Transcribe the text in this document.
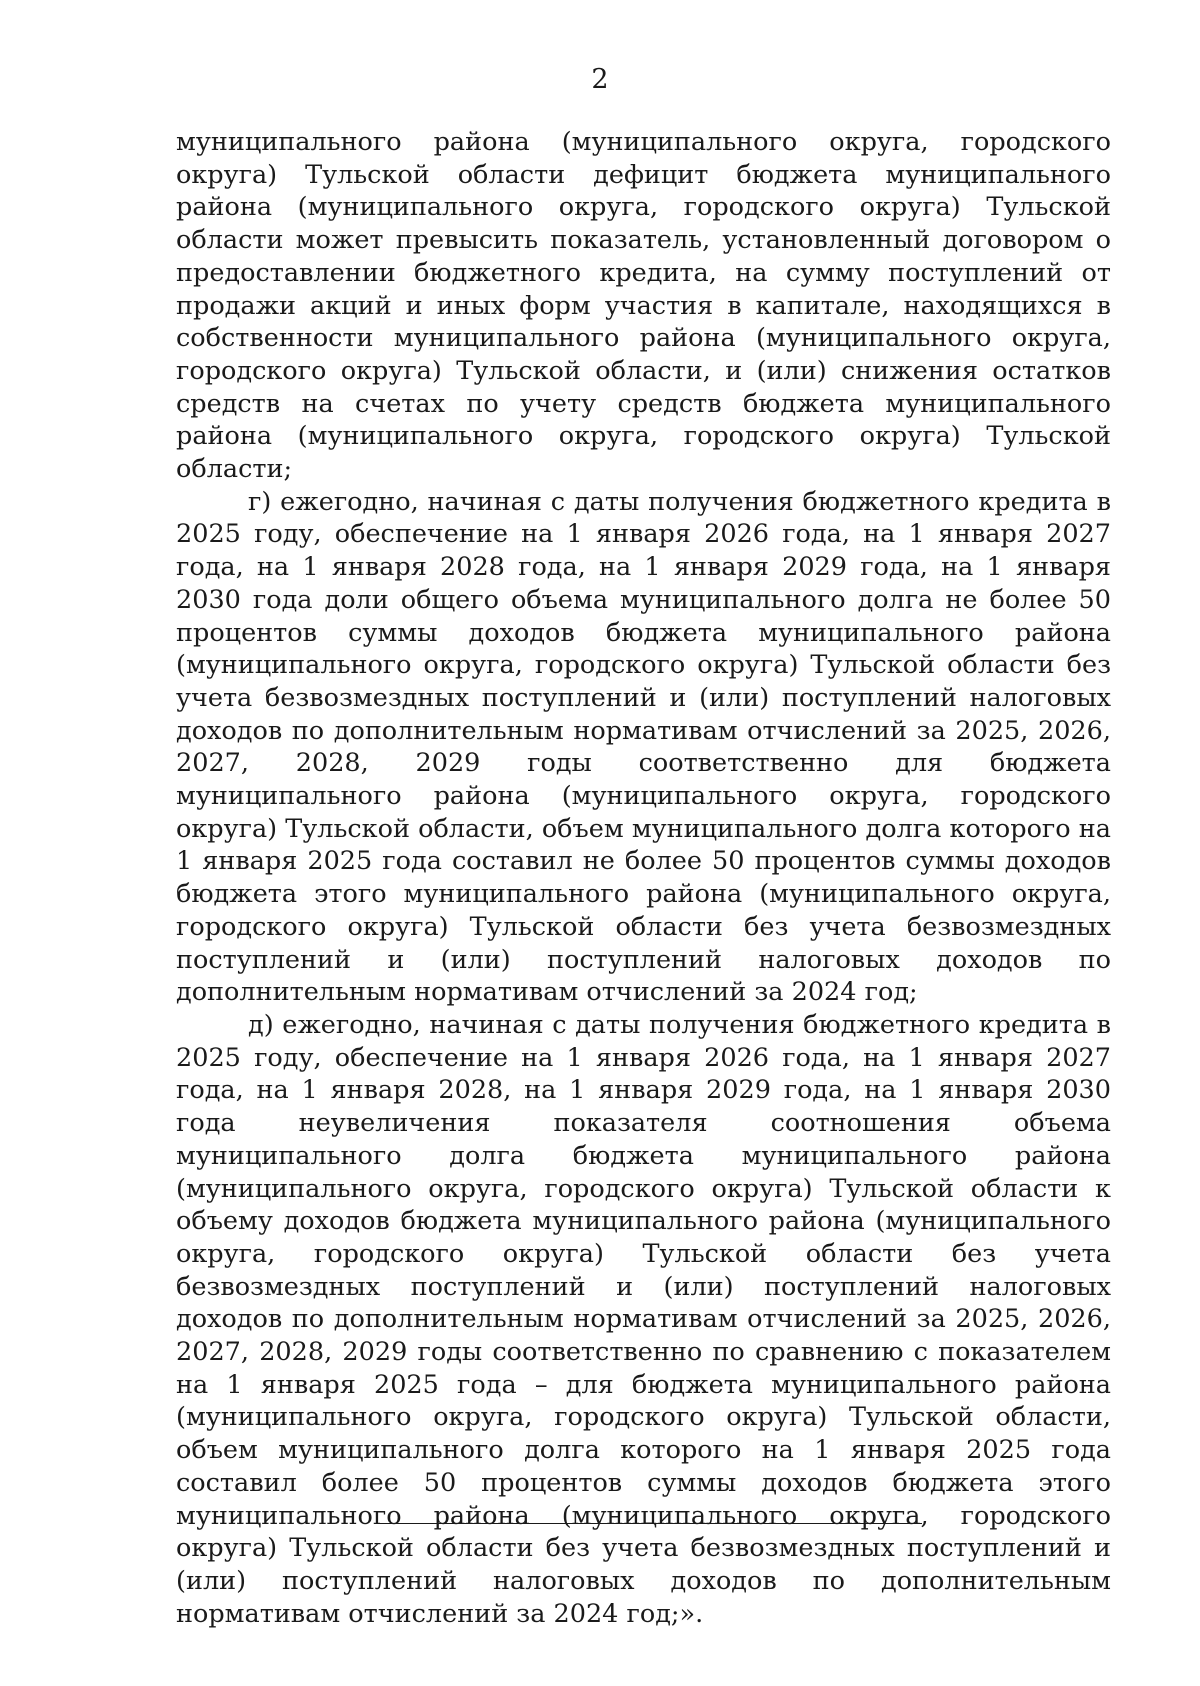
2

муниципального района (муниципального округа, городского округа) Тульской области дефицит бюджета муниципального района (муниципального округа, городского округа) Тульской области может превысить показатель, установленный договором о предоставлении бюджетного кредита, на сумму поступлений от продажи акций и иных форм участия в капитале, находящихся в собственности муниципального района (муниципального округа, городского округа) Тульской области, и (или) снижения остатков средств на счетах по учету средств бюджета муниципального района (муниципального округа, городского округа) Тульской области;

г) ежегодно, начиная с даты получения бюджетного кредита в 2025 году, обеспечение на 1 января 2026 года, на 1 января 2027 года, на 1 января 2028 года, на 1 января 2029 года, на 1 января 2030 года доли общего объема муниципального долга не более 50 процентов суммы доходов бюджета муниципального района (муниципального округа, городского округа) Тульской области без учета безвозмездных поступлений и (или) поступлений налоговых доходов по дополнительным нормативам отчислений за 2025, 2026, 2027, 2028, 2029 годы соответственно для бюджета муниципального района (муниципального округа, городского округа) Тульской области, объем муниципального долга которого на 1 января 2025 года составил не более 50 процентов суммы доходов бюджета этого муниципального района (муниципального округа, городского округа) Тульской области без учета безвозмездных поступлений и (или) поступлений налоговых доходов по дополнительным нормативам отчислений за 2024 год;

д) ежегодно, начиная с даты получения бюджетного кредита в 2025 году, обеспечение на 1 января 2026 года, на 1 января 2027 года, на 1 января 2028, на 1 января 2029 года, на 1 января 2030 года неувеличения показателя соотношения объема муниципального долга бюджета муниципального района (муниципального округа, городского округа) Тульской области к объему доходов бюджета муниципального района (муниципального округа, городского округа) Тульской области без учета безвозмездных поступлений и (или) поступлений налоговых доходов по дополнительным нормативам отчислений за 2025, 2026, 2027, 2028, 2029 годы соответственно по сравнению с показателем на 1 января 2025 года – для бюджета муниципального района (муниципального округа, городского округа) Тульской области, объем муниципального долга которого на 1 января 2025 года составил более 50 процентов суммы доходов бюджета этого муниципального района (муниципального округа, городского округа) Тульской области без учета безвозмездных поступлений и (или) поступлений налоговых доходов по дополнительным нормативам отчислений за 2024 год;».
